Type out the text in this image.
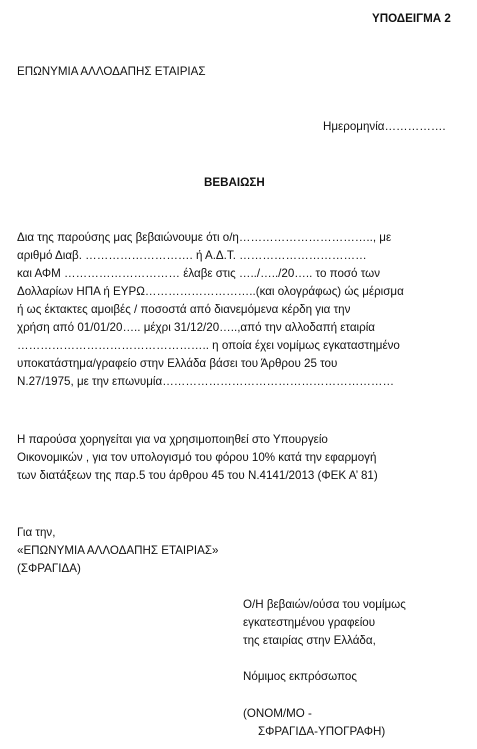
ΥΠΟΔΕΙΓΜΑ 2
ΕΠΩΝΥΜΙΑ ΑΛΛΟΔΑΠΗΣ ΕΤΑΙΡΙΑΣ
Ημερομηνία…………….
ΒΕΒΑΙΩΣΗ
Δια της παρούσης μας βεβαιώνουμε ότι ο/η…………………………….., με
αριθμό Διαβ. ………………………. ή Α.Δ.Τ. ……………………………
και ΑΦΜ ………………………… έλαβε στις …../…../20….. το ποσό των
Δολλαρίων ΗΠΑ ή ΕΥΡΩ………………………..(και ολογράφως) ώς μέρισμα
ή ως έκτακτες αμοιβές / ποσοστά από διανεμόμενα κέρδη για την
χρήση από 01/01/20….. μέχρι 31/12/20…..,από την αλλοδαπή εταιρία
………………………………………….. η οποία έχει νομίμως εγκαταστημένο
υποκατάστημα/γραφείο στην Ελλάδα βάσει του Άρθρου 25 του
Ν.27/1975, με την επωνυμία……………………………………………………
Η παρούσα χορηγείται για να χρησιμοποιηθεί στο Υπουργείο
Οικονομικών , για τον υπολογισμό του φόρου 10% κατά την εφαρμογή
των διατάξεων της παρ.5 του άρθρου 45 του Ν.4141/2013 (ΦΕΚ Α’ 81)
Για την,
«ΕΠΩΝΥΜΙΑ ΑΛΛΟΔΑΠΗΣ ΕΤΑΙΡΙΑΣ»
(ΣΦΡΑΓΙΔΑ)
Ο/Η βεβαιών/ούσα του νομίμως
εγκατεστημένου γραφείου
της εταιρίας στην Ελλάδα,
Νόμιμος εκπρόσωπος
(ΟΝΟΜ/ΜΟ -
ΣΦΡΑΓΙΔΑ-ΥΠΟΓΡΑΦΗ)
